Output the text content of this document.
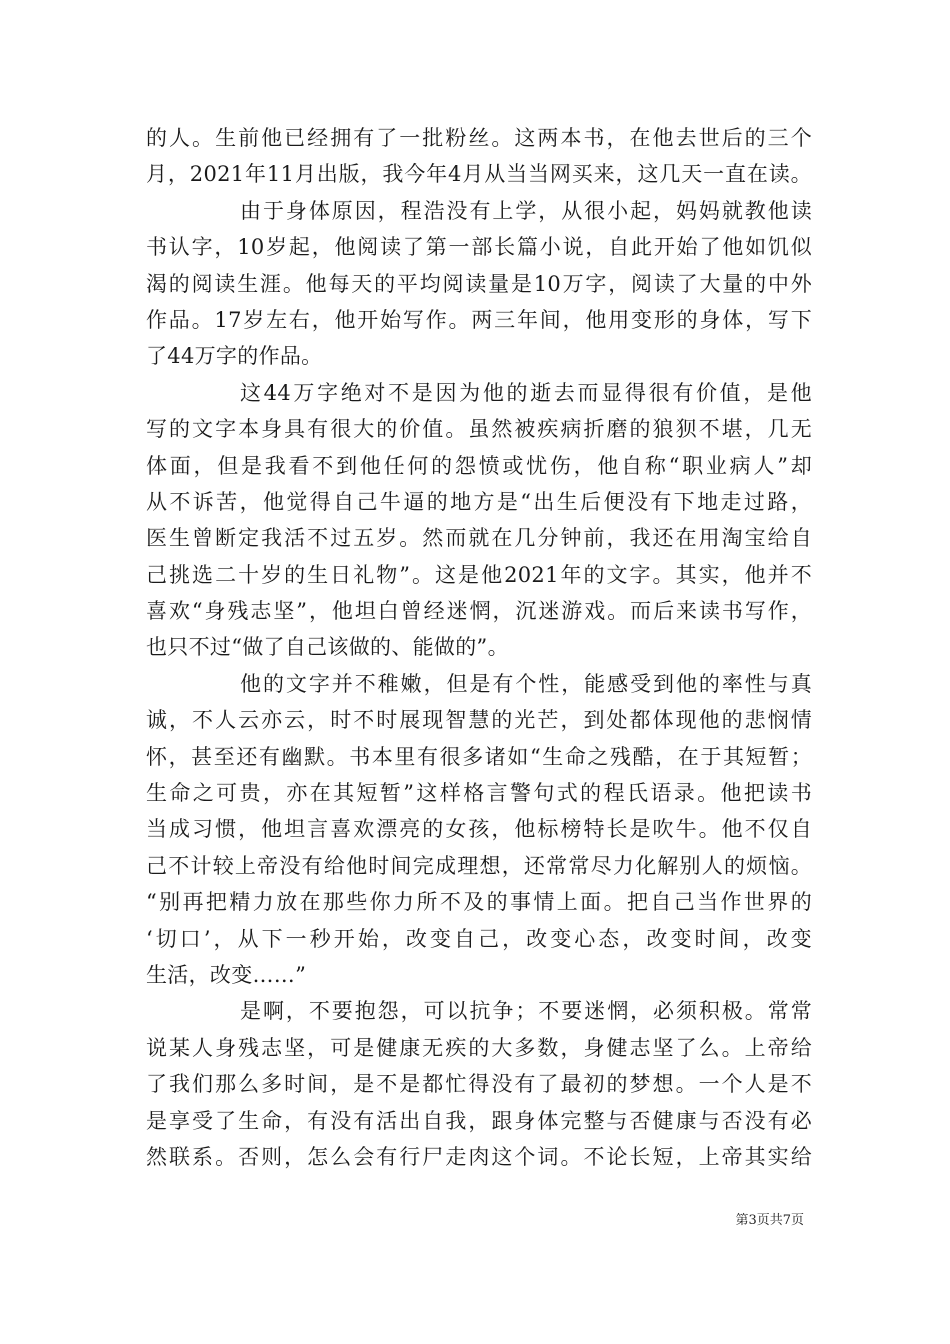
的人。生前他已经拥有了一批粉丝。这两本书，在他去世后的三个
月，2021年11月出版，我今年4月从当当网买来，这几天一直在读。
由于身体原因，程浩没有上学，从很小起，妈妈就教他读
书认字，10岁起，他阅读了第一部长篇小说，自此开始了他如饥似
渴的阅读生涯。他每天的平均阅读量是10万字，阅读了大量的中外
作品。17岁左右，他开始写作。两三年间，他用变形的身体，写下
了44万字的作品。
这44万字绝对不是因为他的逝去而显得很有价值，是他
写的文字本身具有很大的价值。虽然被疾病折磨的狼狈不堪，几无
体面，但是我看不到他任何的怨愤或忧伤，他自称“职业病人”却
从不诉苦，他觉得自己牛逼的地方是“出生后便没有下地走过路，
医生曾断定我活不过五岁。然而就在几分钟前，我还在用淘宝给自
己挑选二十岁的生日礼物”。这是他2021年的文字。其实，他并不
喜欢“身残志坚”，他坦白曾经迷惘，沉迷游戏。而后来读书写作，
也只不过“做了自己该做的、能做的”。
他的文字并不稚嫩，但是有个性，能感受到他的率性与真
诚，不人云亦云，时不时展现智慧的光芒，到处都体现他的悲悯情
怀，甚至还有幽默。书本里有很多诸如“生命之残酷，在于其短暂；
生命之可贵，亦在其短暂”这样格言警句式的程氏语录。他把读书
当成习惯，他坦言喜欢漂亮的女孩，他标榜特长是吹牛。他不仅自
己不计较上帝没有给他时间完成理想，还常常尽力化解别人的烦恼。
“别再把精力放在那些你力所不及的事情上面。把自己当作世界的
‘切口’，从下一秒开始，改变自己，改变心态，改变时间，改变
生活，改变……”
是啊，不要抱怨，可以抗争；不要迷惘，必须积极。常常
说某人身残志坚，可是健康无疾的大多数，身健志坚了么。上帝给
了我们那么多时间，是不是都忙得没有了最初的梦想。一个人是不
是享受了生命，有没有活出自我，跟身体完整与否健康与否没有必
然联系。否则，怎么会有行尸走肉这个词。不论长短，上帝其实给
第3页共7页
